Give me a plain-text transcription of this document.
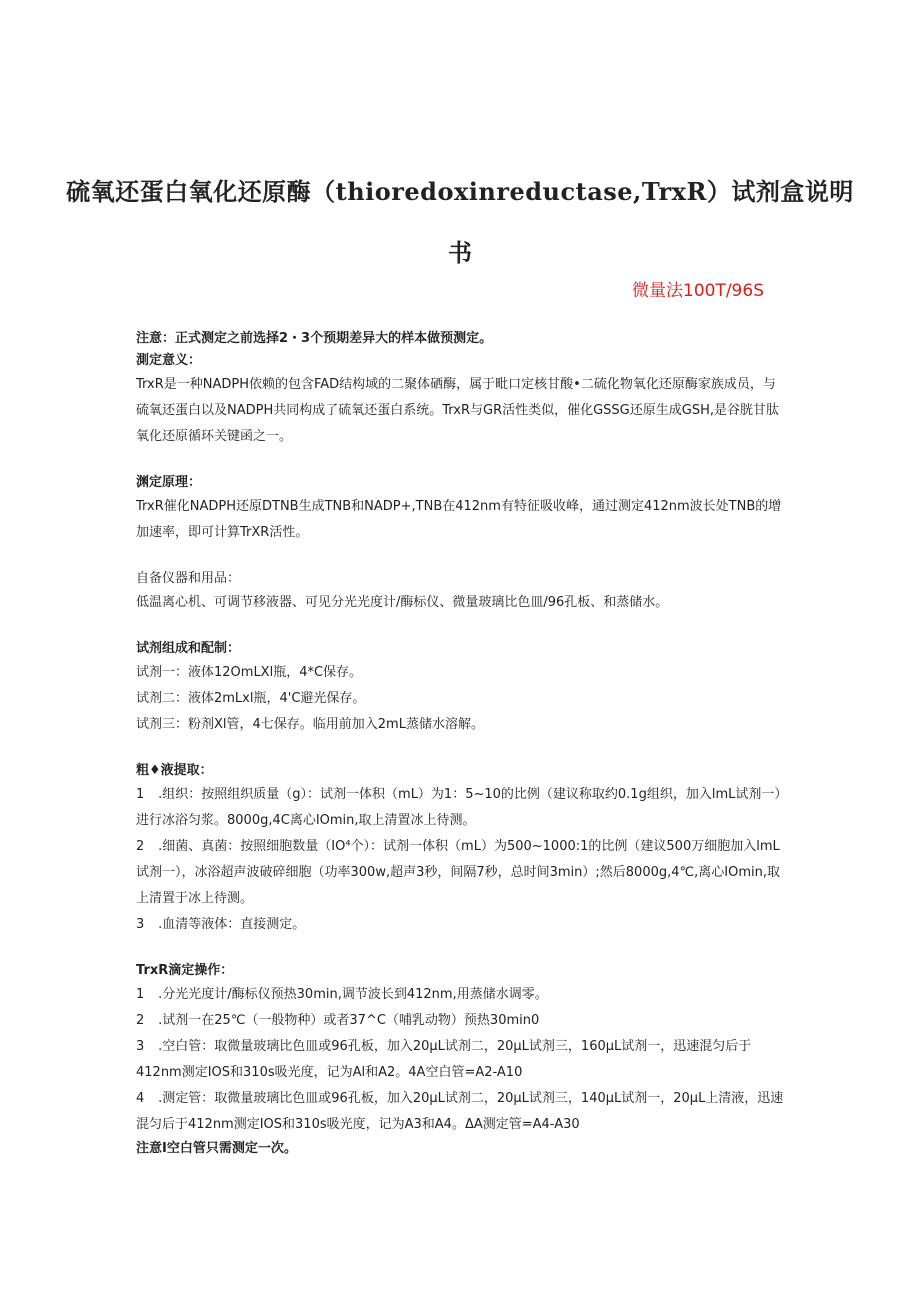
硫氧还蛋白氧化还原酶（thioredoxinreductase,TrxR）试剂盒说明
书
微量法100T/96S
注意：正式测定之前选择2・3个预期差异大的样本做预测定。
測定意义：
TrxR是一种NADPH依赖的包含FAD结构域的二聚体硒酶，属于毗口定核甘酸•二硫化物氧化还原酶家族成员，与硫氧还蛋白以及NADPH共同构成了硫氧还蛋白系统。TrxR与GR活性类似，催化GSSG还原生成GSH,是谷胱甘肽氧化还原循环关键函之一。
渊定原理：
TrxR催化NADPH还原DTNB生成TNB和NADP+,TNB在412nm有特征吸收峰，通过测定412nm波长处TNB的增加速率，即可计算TrXR活性。
自备仪器和用品：
低温离心机、可调节移液器、可见分光光度计/酶标仪、微量玻璃比色皿/96孔板、和蒸储水。
试剂组成和配制：
试剂一：液体12OmLXl瓶，4*C保存。
试剂二：液体2mLxl瓶，4'C避光保存。
试剂三：粉剂Xl管，4七保存。临用前加入2mL蒸储水溶解。
粗♦液提取：
1 .组织：按照组织质量（g）：试剂一体积（mL）为1：5~10的比例（建议称取约0.1g组织，加入lmL试剂一）进行冰浴匀浆。8000g,4C离心IOmin,取上清置冰上待测。
2 .细菌、真菌：按照细胞数量（IO⁴个）：试剂一体积（mL）为500~1000:1的比例（建议500万细胞加入lmL试剂一），冰浴超声波破碎细胞（功率300w,超声3秒，间隔7秒，总时间3min）;然后8000g,4℃,离心IOmin,取上清置于冰上待测。
3 .血清等液体：直接测定。
TrxR滴定操作：
1 .分光光度计/酶标仪预热30min,调节波长到412nm,用蒸储水调零。
2 .试剂一在25℃（一般物种）或者37^C（哺乳动物）预热30min0
3 .空白管：取微量玻璃比色皿或96孔板，加入20μL试剂二，20μL试剂三，160μL试剂一，迅速混匀后于412nm测定IOS和310s吸光度，记为Al和A2。4A空白管=A2-A10
4 .测定管：取微量玻璃比色皿或96孔板，加入20μL试剂二，20μL试剂三，140μL试剂一，20μL上清液，迅速混匀后于412nm测定IOS和310s吸光度，记为A3和A4。ΔA测定管=A4-A30
注意I空白管只需测定一次。
